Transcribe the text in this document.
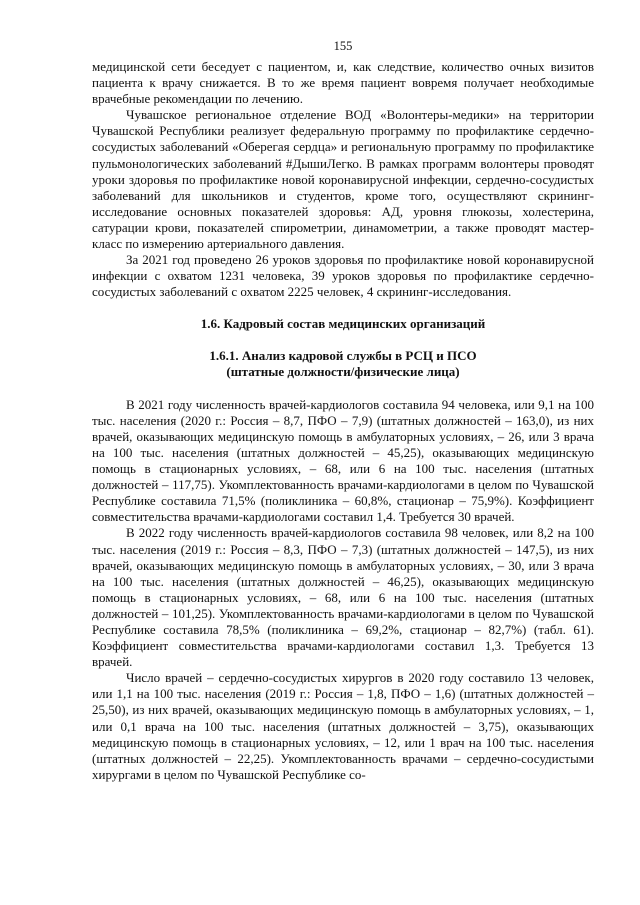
155

медицинской сети беседует с пациентом, и, как следствие, количество очных визитов пациента к врачу снижается. В то же время пациент вовремя получает необходимые врачебные рекомендации по лечению.

Чувашское региональное отделение ВОД «Волонтеры-медики» на территории Чувашской Республики реализует федеральную программу по профилактике сердечно-сосудистых заболеваний «Оберегая сердца» и региональную программу по профилактике пульмонологических заболеваний #ДышиЛегко. В рамках программ волонтеры проводят уроки здоровья по профилактике новой коронавирусной инфекции, сердечно-сосудистых заболеваний для школьников и студентов, кроме того, осуществляют скрининг-исследование основных показателей здоровья: АД, уровня глюкозы, холестерина, сатурации крови, показателей спирометрии, динамометрии, а также проводят мастер-класс по измерению артериального давления.

За 2021 год проведено 26 уроков здоровья по профилактике новой коронавирусной инфекции с охватом 1231 человека, 39 уроков здоровья по профилактике сердечно-сосудистых заболеваний с охватом 2225 человек, 4 скрининг-исследования.

1.6. Кадровый состав медицинских организаций
1.6.1. Анализ кадровой службы в РСЦ и ПСО
(штатные должности/физические лица)

В 2021 году численность врачей-кардиологов составила 94 человека, или 9,1 на 100 тыс. населения (2020 г.: Россия – 8,7, ПФО – 7,9) (штатных должностей – 163,0), из них врачей, оказывающих медицинскую помощь в амбулаторных условиях, – 26, или 3 врача на 100 тыс. населения (штатных должностей – 45,25), оказывающих медицинскую помощь в стационарных условиях, – 68, или 6 на 100 тыс. населения (штатных должностей – 117,75). Укомплектованность врачами-кардиологами в целом по Чувашской Республике составила 71,5% (поликлиника – 60,8%, стационар – 75,9%). Коэффициент совместительства врачами-кардиологами составил 1,4. Требуется 30 врачей.

В 2022 году численность врачей-кардиологов составила 98 человек, или 8,2 на 100 тыс. населения (2019 г.: Россия – 8,3, ПФО – 7,3) (штатных должностей – 147,5), из них врачей, оказывающих медицинскую помощь в амбулаторных условиях, – 30, или 3 врача на 100 тыс. населения (штатных должностей – 46,25), оказывающих медицинскую помощь в стационарных условиях, – 68, или 6 на 100 тыс. населения (штатных должностей – 101,25). Укомплектованность врачами-кардиологами в целом по Чувашской Республике составила 78,5% (поликлиника – 69,2%, стационар – 82,7%) (табл. 61). Коэффициент совместительства врачами-кардиологами составил 1,3. Требуется 13 врачей.

Число врачей – сердечно-сосудистых хирургов в 2020 году составило 13 человек, или 1,1 на 100 тыс. населения (2019 г.: Россия – 1,8, ПФО – 1,6) (штатных должностей – 25,50), из них врачей, оказывающих медицинскую помощь в амбулаторных условиях, – 1, или 0,1 врача на 100 тыс. населения (штатных должностей – 3,75), оказывающих медицинскую помощь в стационарных условиях, – 12, или 1 врач на 100 тыс. населения (штатных должностей – 22,25). Укомплектованность врачами – сердечно-сосудистыми хирургами в целом по Чувашской Республике со-
